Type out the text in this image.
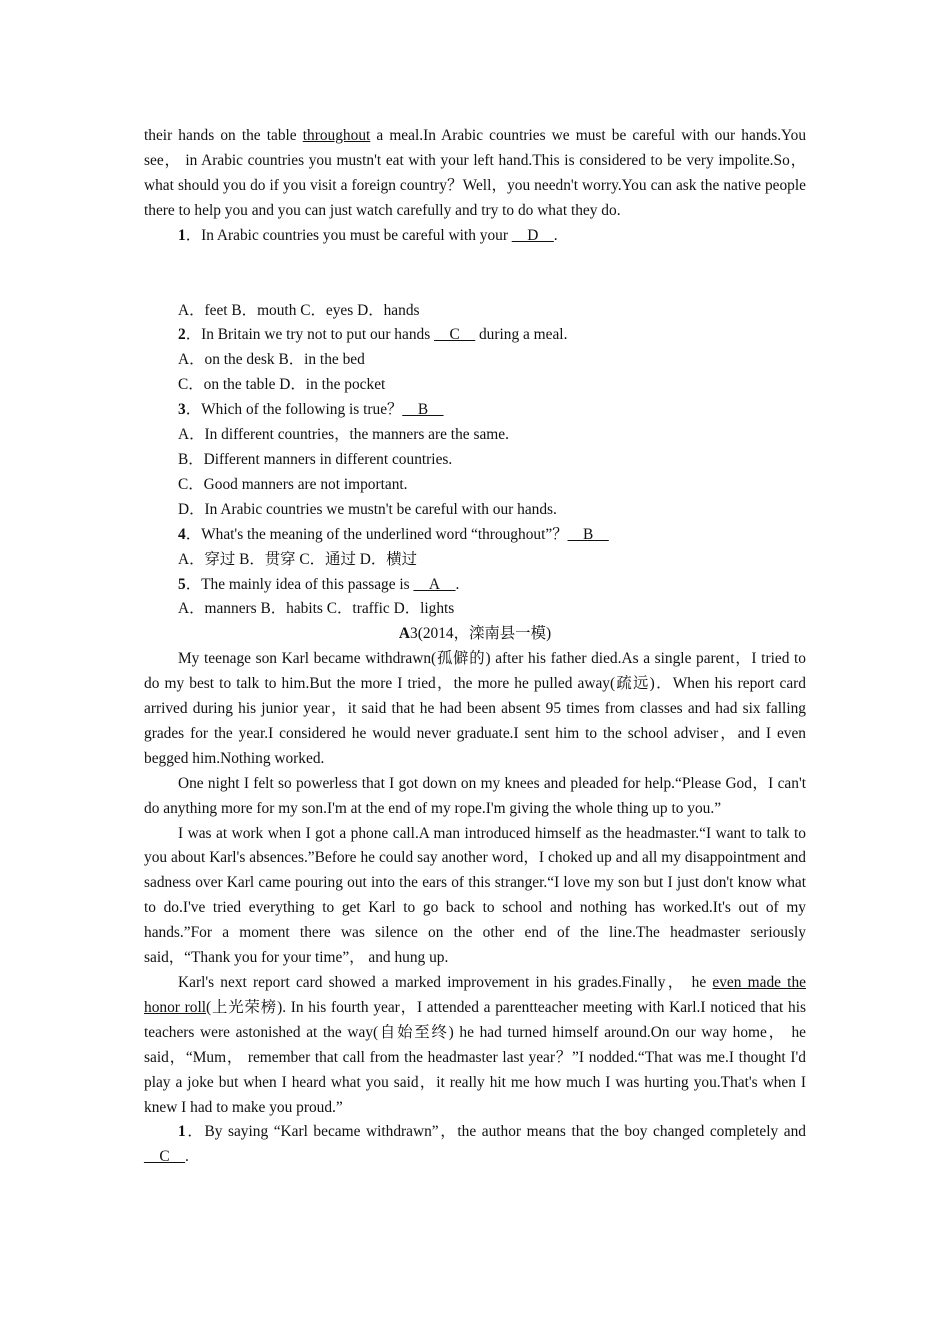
their hands on the table throughout a meal.In Arabic countries we must be careful with our hands.You see， in Arabic countries you mustn't eat with your left hand.This is considered to be very impolite.So，what should you do if you visit a foreign country？Well，you needn't worry.You can ask the native people there to help you and you can just watch carefully and try to do what they do.

1．In Arabic countries you must be careful with your __D__.

A．feet B．mouth C．eyes D．hands

2．In Britain we try not to put our hands __C__ during a meal.

A．on the desk B．in the bed

C．on the table D．in the pocket

3．Which of the following is true？__B__

A．In different countries，the manners are the same.

B．Different manners in different countries.

C．Good manners are not important.

D．In Arabic countries we mustn't be careful with our hands.

4．What's the meaning of the underlined word “throughout”？__B__

A．穿过 B．贯穿 C．通过 D．横过

5．The mainly idea of this passage is __A__.

A．manners B．habits C．traffic D．lights

A3(2014，滦南县一模)

My teenage son Karl became withdrawn(孤僻的) after his father died.As a single parent，I tried to do my best to talk to him.But the more I tried，the more he pulled away(疏远)．When his report card arrived during his junior year，it said that he had been absent 95 times from classes and had six falling grades for the year.I considered he would never graduate.I sent him to the school adviser，and I even begged him.Nothing worked.

One night I felt so powerless that I got down on my knees and pleaded for help.“Please God，I can't do anything more for my son.I'm at the end of my rope.I'm giving the whole thing up to you.”

I was at work when I got a phone call.A man introduced himself as the headmaster.“I want to talk to you about Karl's absences.”Before he could say another word，I choked up and all my disappointment and sadness over Karl came pouring out into the ears of this stranger.“I love my son but I just don't know what to do.I've tried everything to get Karl to go back to school and nothing has worked.It's out of my hands.”For a moment there was silence on the other end of the line.The headmaster seriously said，“Thank you for your time”， and hung up.

Karl's next report card showed a marked improvement in his grades.Finally， he even made the honor roll(上光荣榜). In his fourth year，I attended a parentteacher meeting with Karl.I noticed that his teachers were astonished at the way(自始至终) he had turned himself around.On our way home， he said，“Mum， remember that call from the headmaster last year？”I nodded.“That was me.I thought I'd play a joke but when I heard what you said，it really hit me how much I was hurting you.That's when I knew I had to make you proud.”

1．By saying “Karl became withdrawn”，the author means that the boy changed completely and __C__.
